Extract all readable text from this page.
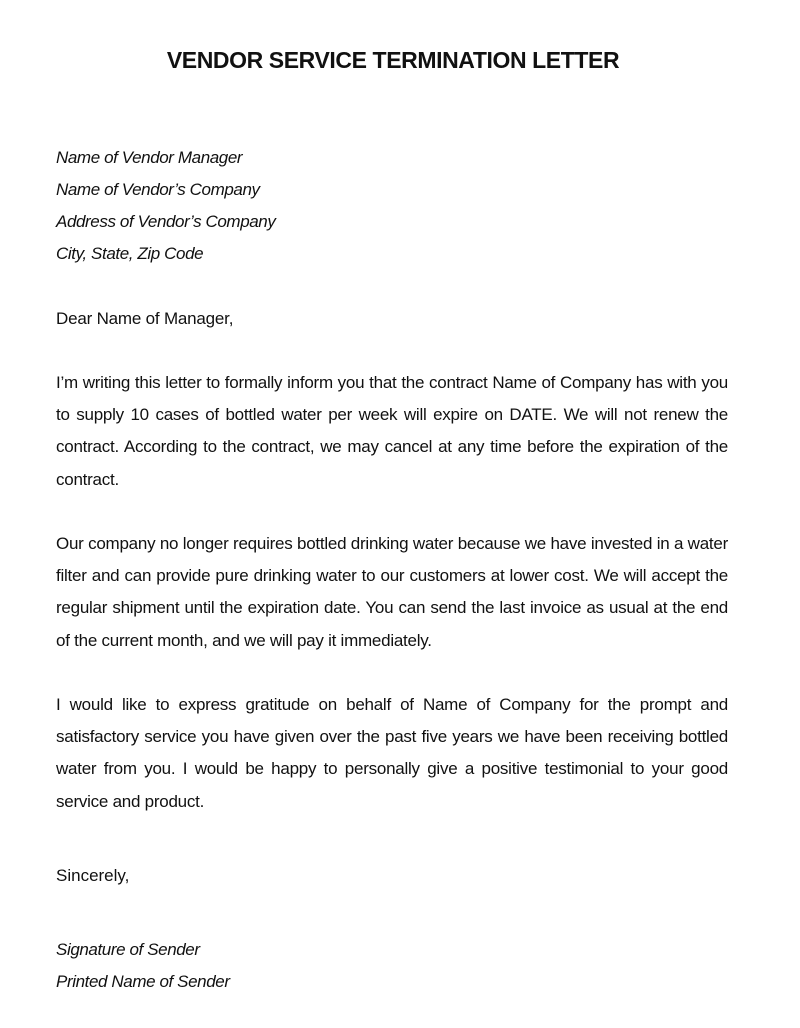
VENDOR SERVICE TERMINATION LETTER
Name of Vendor Manager
Name of Vendor’s Company
Address of Vendor’s Company
City, State, Zip Code
Dear Name of Manager,
I’m writing this letter to formally inform you that the contract Name of Company has with you to supply 10 cases of bottled water per week will expire on DATE. We will not renew the contract. According to the contract, we may cancel at any time before the expiration of the contract.
Our company no longer requires bottled drinking water because we have invested in a water filter and can provide pure drinking water to our customers at lower cost. We will accept the regular shipment until the expiration date. You can send the last invoice as usual at the end of the current month, and we will pay it immediately.
I would like to express gratitude on behalf of Name of Company for the prompt and satisfactory service you have given over the past five years we have been receiving bottled water from you. I would be happy to personally give a positive testimonial to your good service and product.
Sincerely,
Signature of Sender
Printed Name of Sender
